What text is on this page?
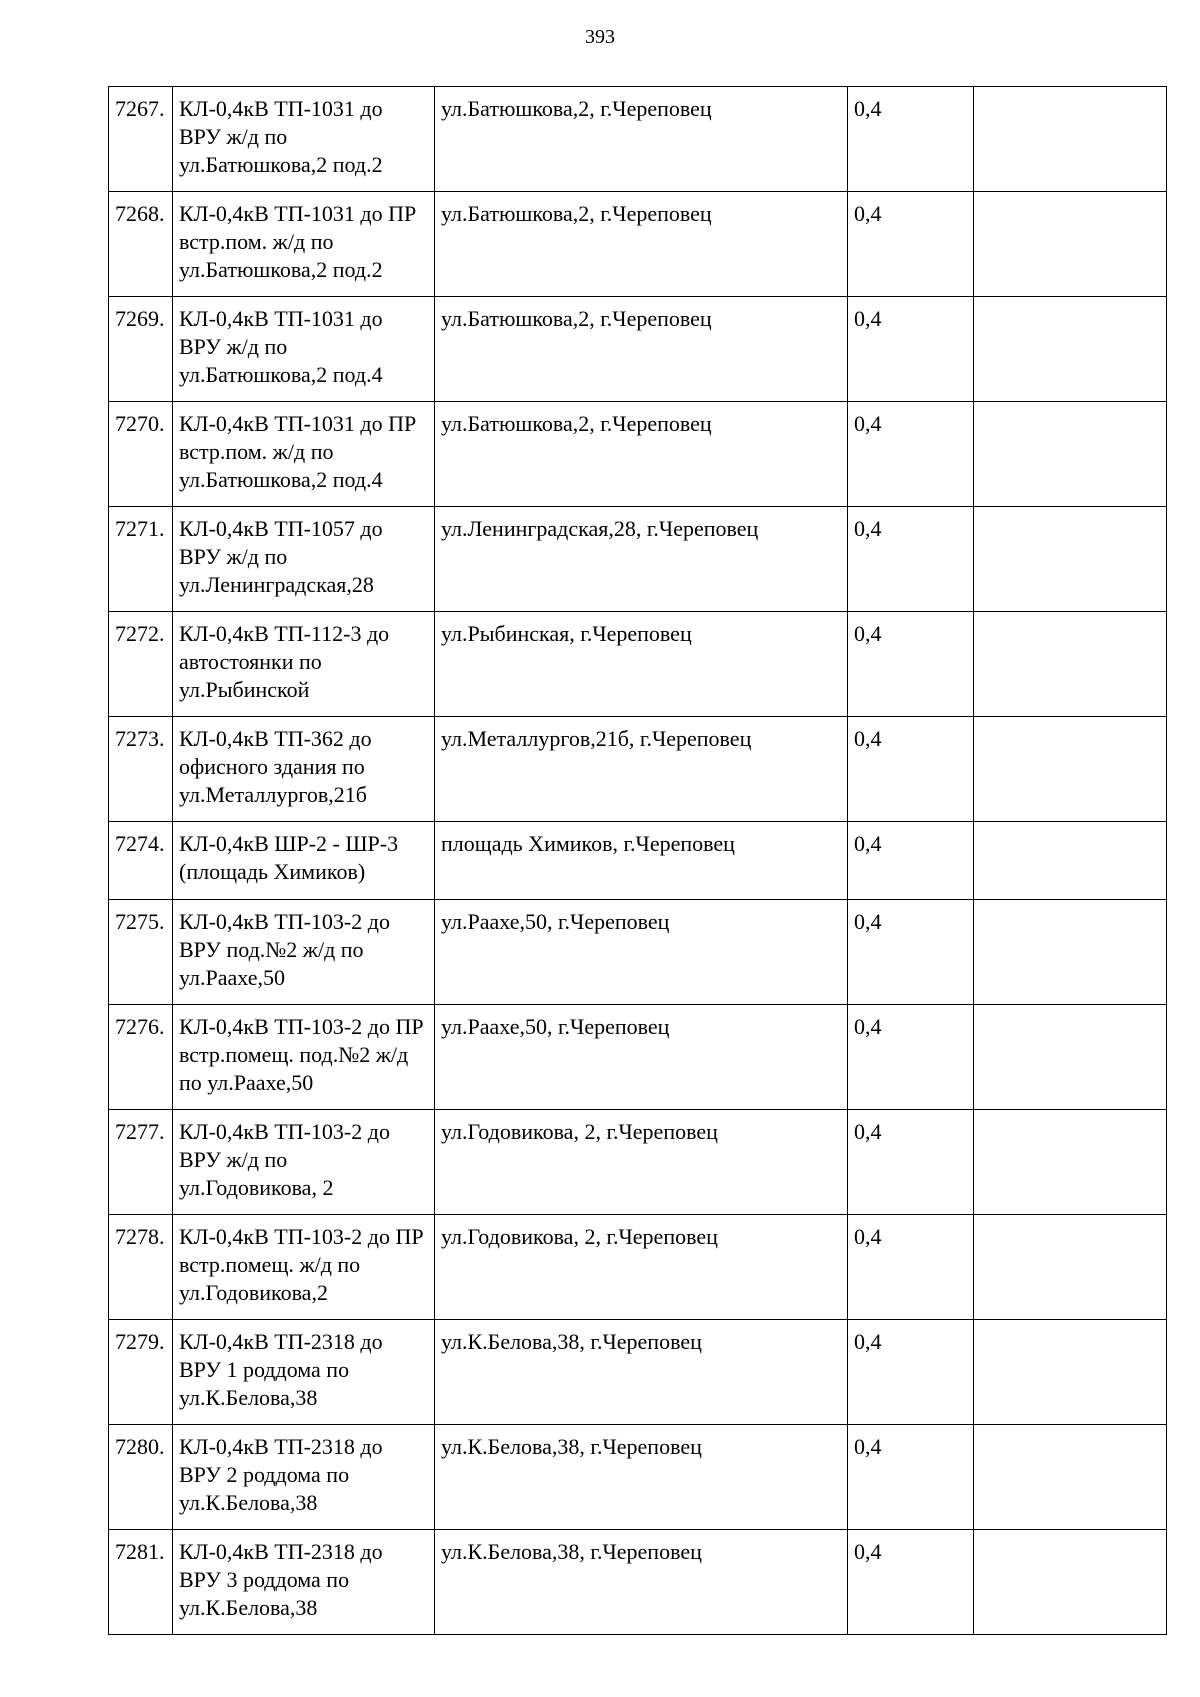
393
7267.	КЛ-0,4кВ ТП-1031 до ВРУ ж/д по ул.Батюшкова,2 под.2	ул.Батюшкова,2, г.Череповец	0,4	
7268.	КЛ-0,4кВ ТП-1031 до ПР встр.пом. ж/д по ул.Батюшкова,2 под.2	ул.Батюшкова,2, г.Череповец	0,4	
7269.	КЛ-0,4кВ ТП-1031 до ВРУ ж/д по ул.Батюшкова,2 под.4	ул.Батюшкова,2, г.Череповец	0,4	
7270.	КЛ-0,4кВ ТП-1031 до ПР встр.пом. ж/д по ул.Батюшкова,2 под.4	ул.Батюшкова,2, г.Череповец	0,4	
7271.	КЛ-0,4кВ ТП-1057 до ВРУ ж/д по ул.Ленинградская,28	ул.Ленинградская,28, г.Череповец	0,4	
7272.	КЛ-0,4кВ ТП-112-3 до автостоянки по ул.Рыбинской	ул.Рыбинская, г.Череповец	0,4	
7273.	КЛ-0,4кВ ТП-362 до офисного здания по ул.Металлургов,21б	ул.Металлургов,21б, г.Череповец	0,4	
7274.	КЛ-0,4кВ ШР-2 - ШР-3 (площадь Химиков)	площадь Химиков, г.Череповец	0,4	
7275.	КЛ-0,4кВ ТП-103-2 до ВРУ под.№2 ж/д по ул.Раахе,50	ул.Раахе,50, г.Череповец	0,4	
7276.	КЛ-0,4кВ ТП-103-2 до ПР встр.помещ. под.№2 ж/д по ул.Раахе,50	ул.Раахе,50, г.Череповец	0,4	
7277.	КЛ-0,4кВ ТП-103-2 до ВРУ ж/д по ул.Годовикова, 2	ул.Годовикова, 2, г.Череповец	0,4	
7278.	КЛ-0,4кВ ТП-103-2 до ПР встр.помещ. ж/д по ул.Годовикова,2	ул.Годовикова, 2, г.Череповец	0,4	
7279.	КЛ-0,4кВ ТП-2318 до ВРУ 1 роддома по ул.К.Белова,38	ул.К.Белова,38, г.Череповец	0,4	
7280.	КЛ-0,4кВ ТП-2318 до ВРУ 2 роддома по ул.К.Белова,38	ул.К.Белова,38, г.Череповец	0,4	
7281.	КЛ-0,4кВ ТП-2318 до ВРУ 3 роддома по ул.К.Белова,38	ул.К.Белова,38, г.Череповец	0,4	
